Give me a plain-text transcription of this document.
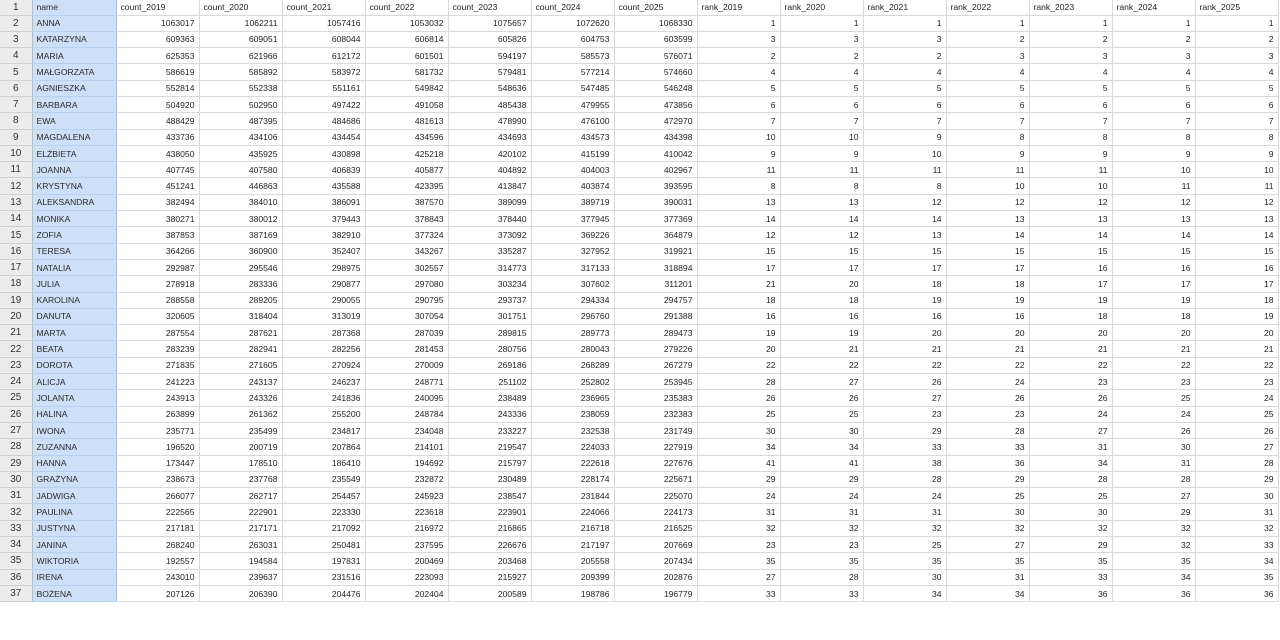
1	name	count_2019	count_2020	count_2021	count_2022	count_2023	count_2024	count_2025	rank_2019	rank_2020	rank_2021	rank_2022	rank_2023	rank_2024	rank_2025
2	ANNA	1063017	1062211	1057416	1053032	1075657	1072620	1068330	1	1	1	1	1	1	1
3	KATARZYNA	609363	609051	608044	606814	605826	604753	603599	3	3	3	2	2	2	2
4	MARIA	625353	621966	612172	601501	594197	585573	576071	2	2	2	3	3	3	3
5	MAŁGORZATA	586619	585892	583972	581732	579481	577214	574660	4	4	4	4	4	4	4
6	AGNIESZKA	552814	552338	551161	549842	548636	547485	546248	5	5	5	5	5	5	5
7	BARBARA	504920	502950	497422	491058	485438	479955	473856	6	6	6	6	6	6	6
8	EWA	488429	487395	484686	481613	478990	476100	472970	7	7	7	7	7	7	7
9	MAGDALENA	433736	434106	434454	434596	434693	434573	434398	10	10	9	8	8	8	8
10	ELŻBIETA	438050	435925	430898	425218	420102	415199	410042	9	9	10	9	9	9	9
11	JOANNA	407745	407580	406839	405877	404892	404003	402967	11	11	11	11	11	10	10
12	KRYSTYNA	451241	446863	435588	423395	413847	403874	393595	8	8	8	10	10	11	11
13	ALEKSANDRA	382494	384010	386091	387570	389099	389719	390031	13	13	12	12	12	12	12
14	MONIKA	380271	380012	379443	378843	378440	377945	377369	14	14	14	13	13	13	13
15	ZOFIA	387853	387169	382910	377324	373092	369226	364879	12	12	13	14	14	14	14
16	TERESA	364266	360900	352407	343267	335287	327952	319921	15	15	15	15	15	15	15
17	NATALIA	292987	295546	298975	302557	314773	317133	318894	17	17	17	17	16	16	16
18	JULIA	278918	283336	290877	297080	303234	307602	311201	21	20	18	18	17	17	17
19	KAROLINA	288558	289205	290055	290795	293737	294334	294757	18	18	19	19	19	19	18
20	DANUTA	320605	318404	313019	307054	301751	296760	291388	16	16	16	16	18	18	19
21	MARTA	287554	287621	287368	287039	289815	289773	289473	19	19	20	20	20	20	20
22	BEATA	283239	282941	282256	281453	280756	280043	279226	20	21	21	21	21	21	21
23	DOROTA	271835	271605	270924	270009	269186	268289	267279	22	22	22	22	22	22	22
24	ALICJA	241223	243137	246237	248771	251102	252802	253945	28	27	26	24	23	23	23
25	JOLANTA	243913	243326	241836	240095	238489	236965	235383	26	26	27	26	26	25	24
26	HALINA	263899	261362	255200	248784	243336	238059	232383	25	25	23	23	24	24	25
27	IWONA	235771	235499	234817	234048	233227	232538	231749	30	30	29	28	27	26	26
28	ZUZANNA	196520	200719	207864	214101	219547	224033	227919	34	34	33	33	31	30	27
29	HANNA	173447	178510	186410	194692	215797	222618	227676	41	41	38	36	34	31	28
30	GRAŻYNA	238673	237768	235549	232872	230489	228174	225671	29	29	28	29	28	28	29
31	JADWIGA	266077	262717	254457	245923	238547	231844	225070	24	24	24	25	25	27	30
32	PAULINA	222565	222901	223330	223618	223901	224066	224173	31	31	31	30	30	29	31
33	JUSTYNA	217181	217171	217092	216972	216865	216718	216525	32	32	32	32	32	32	32
34	JANINA	268240	263031	250481	237595	226676	217197	207669	23	23	25	27	29	32	33
35	WIKTORIA	192557	194584	197831	200469	203468	205558	207434	35	35	35	35	35	35	34
36	IRENA	243010	239637	231516	223093	215927	209399	202876	27	28	30	31	33	34	35
37	BOŻENA	207126	206390	204476	202404	200589	198786	196779	33	33	34	34	36	36	36
